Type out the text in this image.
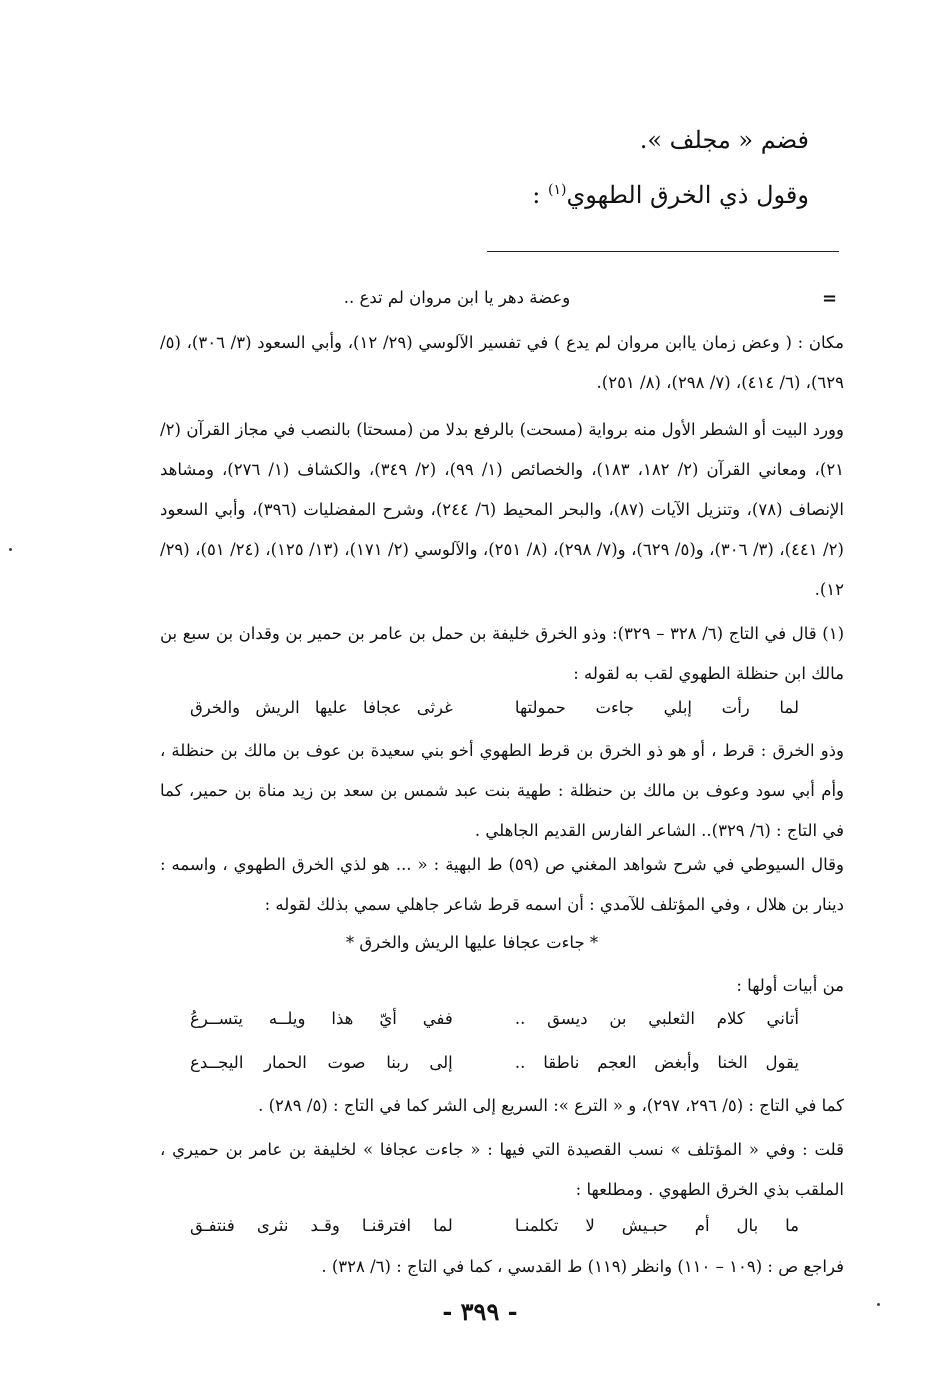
فضم « مجلف ».
وقول ذي الخرق الطهوي$^{(١)}$ :
=
وعضة دهر يا ابن مروان لم تدع ..
مكان : ( وعض زمان ياابن مروان لم يدع ) في تفسير الآلوسي (٢٩/ ١٢)، وأبي السعود (٣/ ٣٠٦)، (٥/ ٦٢٩)، (٦/ ٤١٤)، (٧/ ٢٩٨)، (٨/ ٢٥١).
وورد البيت أو الشطر الأول منه برواية (مسحت) بالرفع بدلا من (مسحتا) بالنصب في مجاز القرآن (٢/ ٢١)، ومعاني القرآن (٢/ ١٨٢، ١٨٣)، والخصائص (١/ ٩٩)، (٢/ ٣٤٩)، والكشاف (١/ ٢٧٦)، ومشاهد الإنصاف (٧٨)، وتنزيل الآيات (٨٧)، والبحر المحيط (٦/ ٢٤٤)، وشرح المفضليات (٣٩٦)، وأبي السعود (٢/ ٤٤١)، (٣/ ٣٠٦)، و(٥/ ٦٢٩)، و(٧/ ٢٩٨)، (٨/ ٢٥١)، والآلوسي (٢/ ١٧١)، (١٣/ ١٢٥)، (٢٤/ ٥١)، (٢٩/ ١٢).
(١) قال في التاج (٦/ ٣٢٨ – ٣٢٩): وذو الخرق خليفة بن حمل بن عامر بن حمير بن وقدان بن سبع بن مالك ابن حنظلة الطهوي لقب به لقوله :
لما رأت إبلي جاءت حمولتها
غرثى عجافا عليها الريش والخرق
وذو الخرق : قرط ، أو هو ذو الخرق بن قرط الطهوي أخو بني سعيدة بن عوف بن مالك بن حنظلة ، وأم أبي سود وعوف بن مالك بن حنظلة : طهية بنت عبد شمس بن سعد بن زيد مناة بن حمير، كما في التاج : (٦/ ٣٢٩).. الشاعر الفارس القديم الجاهلي .
وقال السيوطي في شرح شواهد المغني ص (٥٩) ط البهية : « ... هو لذي الخرق الطهوي ، واسمه : دينار بن هلال ، وفي المؤتلف للآمدي : أن اسمه قرط شاعر جاهلي سمي بذلك لقوله :
* جاءت عجافا عليها الريش والخرق *
من أبيات أولها :
أتاني كلام الثعلبي بن ديسق ..
ففي أيّ هذا ويلــه يتســرعُ
يقول الخنا وأبغض العجم ناطقا ..
إلى ربنا صوت الحمار اليجــدع
كما في التاج : (٥/ ٢٩٦، ٢٩٧)، و « الترع »: السريع إلى الشر كما في التاج : (٥/ ٢٨٩) .
قلت : وفي « المؤتلف » نسب القصيدة التي فيها : « جاءت عجافا » لخليفة بن عامر بن حميري ، الملقب بذي الخرق الطهوي . ومطلعها :
ما بال أم حبـيش لا تكلمنـا
لما افترقنـا وقـد نثرى فنتفـق
فراجع ص : (١٠٩ – ١١٠) وانظر (١١٩) ط القدسي ، كما في التاج : (٦/ ٣٢٨) .
- ٣٩٩ -
